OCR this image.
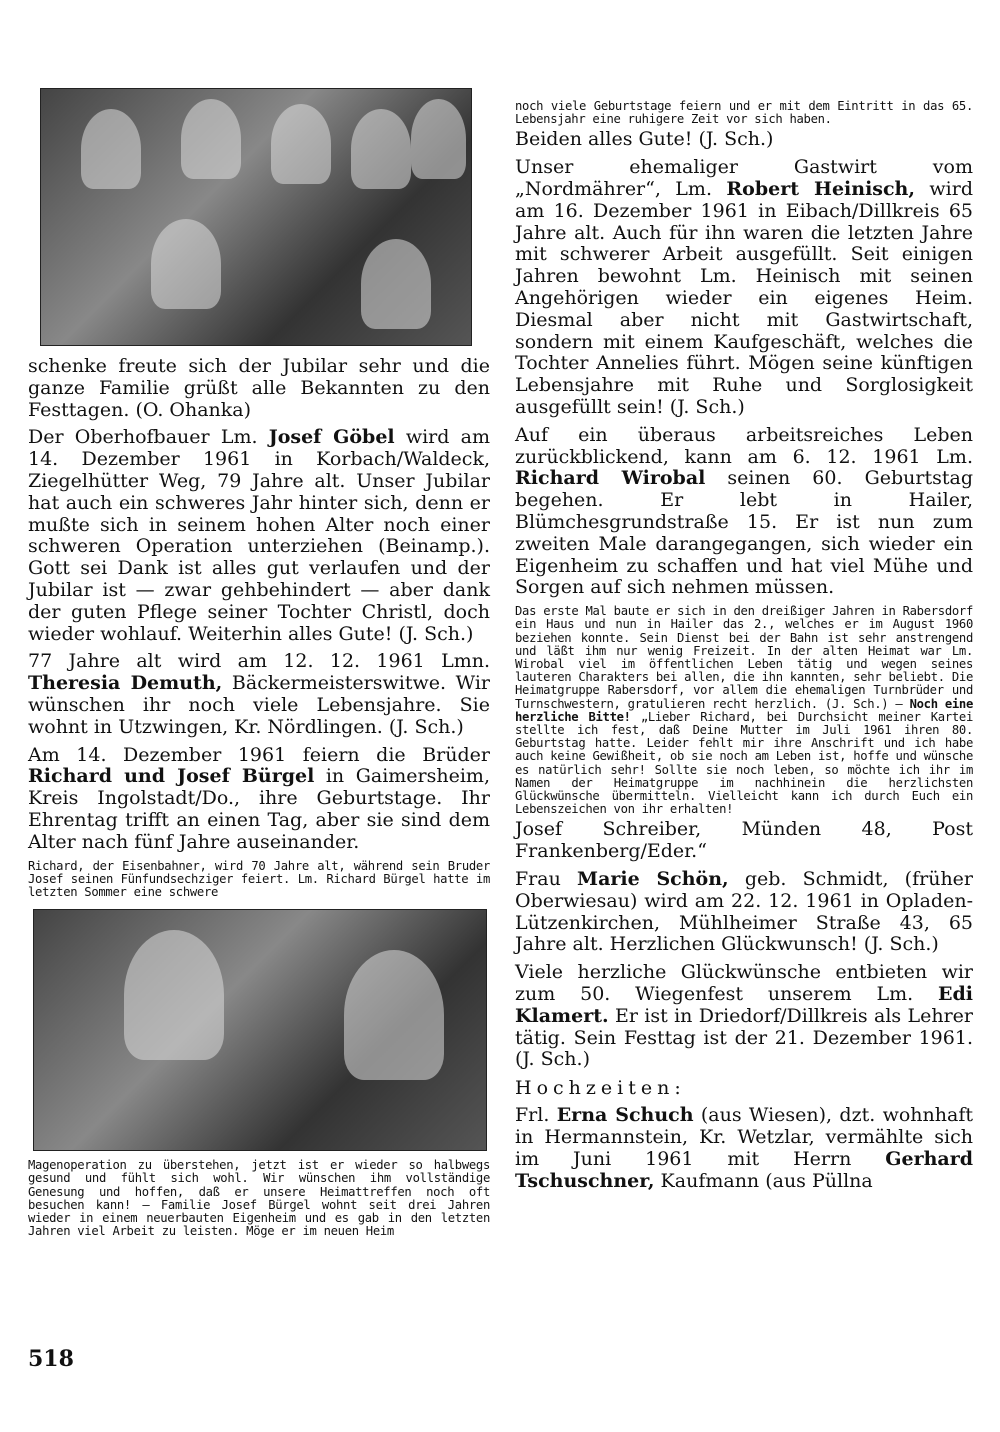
schenke freute sich der Jubilar sehr und die ganze Familie grüßt alle Bekannten zu den Festtagen. (O. Ohanka)

Der Oberhofbauer Lm. Josef Göbel wird am 14. Dezember 1961 in Korbach/Waldeck, Ziegelhütter Weg, 79 Jahre alt. Unser Jubilar hat auch ein schweres Jahr hinter sich, denn er mußte sich in seinem hohen Alter noch einer schweren Operation unterziehen (Beinamp.). Gott sei Dank ist alles gut verlaufen und der Jubilar ist — zwar gehbehindert — aber dank der guten Pflege seiner Tochter Christl, doch wieder wohlauf. Weiterhin alles Gute! (J. Sch.)

77 Jahre alt wird am 12. 12. 1961 Lmn. Theresia Demuth, Bäckermeisterswitwe. Wir wünschen ihr noch viele Lebensjahre. Sie wohnt in Utzwingen, Kr. Nördlingen. (J. Sch.)

Am 14. Dezember 1961 feiern die Brüder Richard und Josef Bürgel in Gaimersheim, Kreis Ingolstadt/Do., ihre Geburtstage. Ihr Ehrentag trifft an einen Tag, aber sie sind dem Alter nach fünf Jahre auseinander.

Richard, der Eisenbahner, wird 70 Jahre alt, während sein Bruder Josef seinen Fünfundsechziger feiert. Lm. Richard Bürgel hatte im letzten Sommer eine schwere

Magenoperation zu überstehen, jetzt ist er wieder so halbwegs gesund und fühlt sich wohl. Wir wünschen ihm vollständige Genesung und hoffen, daß er unsere Heimattreffen noch oft besuchen kann! — Familie Josef Bürgel wohnt seit drei Jahren wieder in einem neuerbauten Eigenheim und es gab in den letzten Jahren viel Arbeit zu leisten. Möge er im neuen Heim

noch viele Geburtstage feiern und er mit dem Eintritt in das 65. Lebensjahr eine ruhigere Zeit vor sich haben.

Beiden alles Gute! (J. Sch.)

Unser ehemaliger Gastwirt vom „Nordmährer“, Lm. Robert Heinisch, wird am 16. Dezember 1961 in Eibach/Dillkreis 65 Jahre alt. Auch für ihn waren die letzten Jahre mit schwerer Arbeit ausgefüllt. Seit einigen Jahren bewohnt Lm. Heinisch mit seinen Angehörigen wieder ein eigenes Heim. Diesmal aber nicht mit Gastwirtschaft, sondern mit einem Kaufgeschäft, welches die Tochter Annelies führt. Mögen seine künftigen Lebensjahre mit Ruhe und Sorglosigkeit ausgefüllt sein! (J. Sch.)

Auf ein überaus arbeitsreiches Leben zurückblickend, kann am 6. 12. 1961 Lm. Richard Wirobal seinen 60. Geburtstag begehen. Er lebt in Hailer, Blümchesgrundstraße 15. Er ist nun zum zweiten Male darangegangen, sich wieder ein Eigenheim zu schaffen und hat viel Mühe und Sorgen auf sich nehmen müssen.

Das erste Mal baute er sich in den dreißiger Jahren in Rabersdorf ein Haus und nun in Hailer das 2., welches er im August 1960 beziehen konnte. Sein Dienst bei der Bahn ist sehr anstrengend und läßt ihm nur wenig Freizeit. In der alten Heimat war Lm. Wirobal viel im öffentlichen Leben tätig und wegen seines lauteren Charakters bei allen, die ihn kannten, sehr beliebt. Die Heimatgruppe Rabersdorf, vor allem die ehemaligen Turnbrüder und Turnschwestern, gratulieren recht herzlich. (J. Sch.) — Noch eine herzliche Bitte! „Lieber Richard, bei Durchsicht meiner Kartei stellte ich fest, daß Deine Mutter im Juli 1961 ihren 80. Geburtstag hatte. Leider fehlt mir ihre Anschrift und ich habe auch keine Gewißheit, ob sie noch am Leben ist, hoffe und wünsche es natürlich sehr! Sollte sie noch leben, so möchte ich ihr im Namen der Heimatgruppe im nachhinein die herzlichsten Glückwünsche übermitteln. Vielleicht kann ich durch Euch ein Lebenszeichen von ihr erhalten!

Josef Schreiber, Münden 48, Post Frankenberg/Eder.“

Frau Marie Schön, geb. Schmidt, (früher Oberwiesau) wird am 22. 12. 1961 in Opladen-Lützenkirchen, Mühlheimer Straße 43, 65 Jahre alt. Herzlichen Glückwunsch! (J. Sch.)

Viele herzliche Glückwünsche entbieten wir zum 50. Wiegenfest unserem Lm. Edi Klamert. Er ist in Driedorf/Dillkreis als Lehrer tätig. Sein Festtag ist der 21. Dezember 1961. (J. Sch.)

Hochzeiten:

Frl. Erna Schuch (aus Wiesen), dzt. wohnhaft in Hermannstein, Kr. Wetzlar, vermählte sich im Juni 1961 mit Herrn Gerhard Tschuschner, Kaufmann (aus Püllna

518
